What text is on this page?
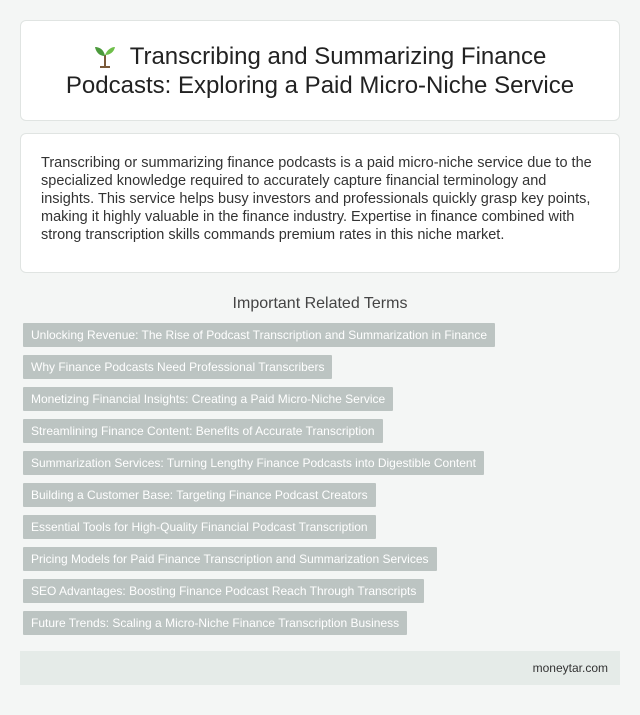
Transcribing and Summarizing Finance Podcasts: Exploring a Paid Micro-Niche Service

Transcribing or summarizing finance podcasts is a paid micro-niche service due to the specialized knowledge required to accurately capture financial terminology and insights. This service helps busy investors and professionals quickly grasp key points, making it highly valuable in the finance industry. Expertise in finance combined with strong transcription skills commands premium rates in this niche market.

Important Related Terms
Unlocking Revenue: The Rise of Podcast Transcription and Summarization in Finance
Why Finance Podcasts Need Professional Transcribers
Monetizing Financial Insights: Creating a Paid Micro-Niche Service
Streamlining Finance Content: Benefits of Accurate Transcription
Summarization Services: Turning Lengthy Finance Podcasts into Digestible Content
Building a Customer Base: Targeting Finance Podcast Creators
Essential Tools for High-Quality Financial Podcast Transcription
Pricing Models for Paid Finance Transcription and Summarization Services
SEO Advantages: Boosting Finance Podcast Reach Through Transcripts
Future Trends: Scaling a Micro-Niche Finance Transcription Business
moneytar.com
